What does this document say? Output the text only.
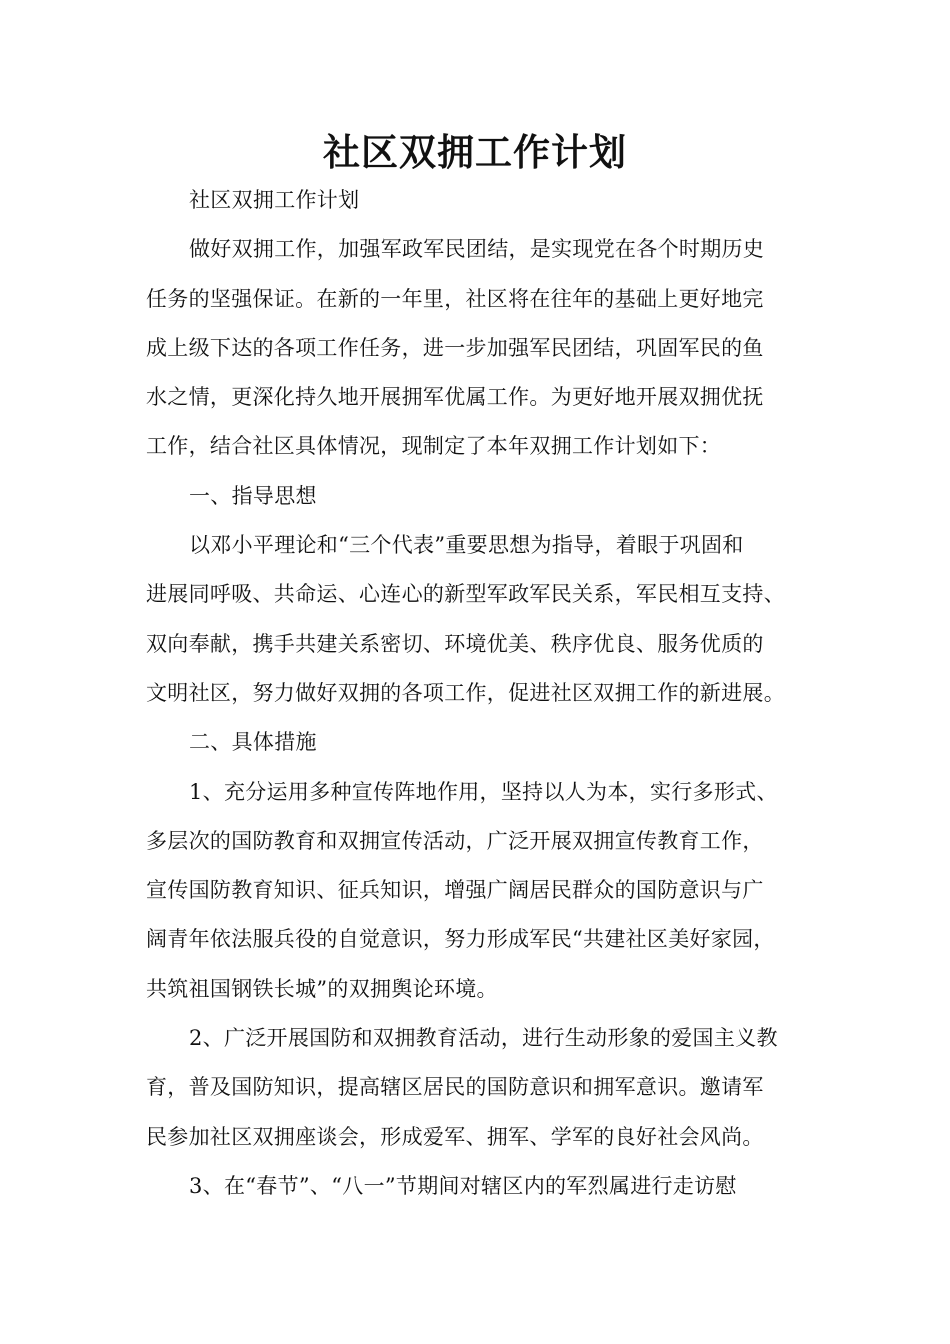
社区双拥工作计划
社区双拥工作计划
做好双拥工作，加强军政军民团结，是实现党在各个时期历史
任务的坚强保证。在新的一年里，社区将在往年的基础上更好地完
成上级下达的各项工作任务，进一步加强军民团结，巩固军民的鱼
水之情，更深化持久地开展拥军优属工作。为更好地开展双拥优抚
工作，结合社区具体情况，现制定了本年双拥工作计划如下：
一、指导思想
以邓小平理论和“三个代表”重要思想为指导，着眼于巩固和
进展同呼吸、共命运、心连心的新型军政军民关系，军民相互支持、
双向奉献，携手共建关系密切、环境优美、秩序优良、服务优质的
文明社区，努力做好双拥的各项工作，促进社区双拥工作的新进展。
二、具体措施
1、充分运用多种宣传阵地作用，坚持以人为本，实行多形式、
多层次的国防教育和双拥宣传活动，广泛开展双拥宣传教育工作，
宣传国防教育知识、征兵知识，增强广阔居民群众的国防意识与广
阔青年依法服兵役的自觉意识，努力形成军民“共建社区美好家园，
共筑祖国钢铁长城”的双拥舆论环境。
2、广泛开展国防和双拥教育活动，进行生动形象的爱国主义教
育，普及国防知识，提高辖区居民的国防意识和拥军意识。邀请军
民参加社区双拥座谈会，形成爱军、拥军、学军的良好社会风尚。
3、在“春节”、“八一”节期间对辖区内的军烈属进行走访慰
